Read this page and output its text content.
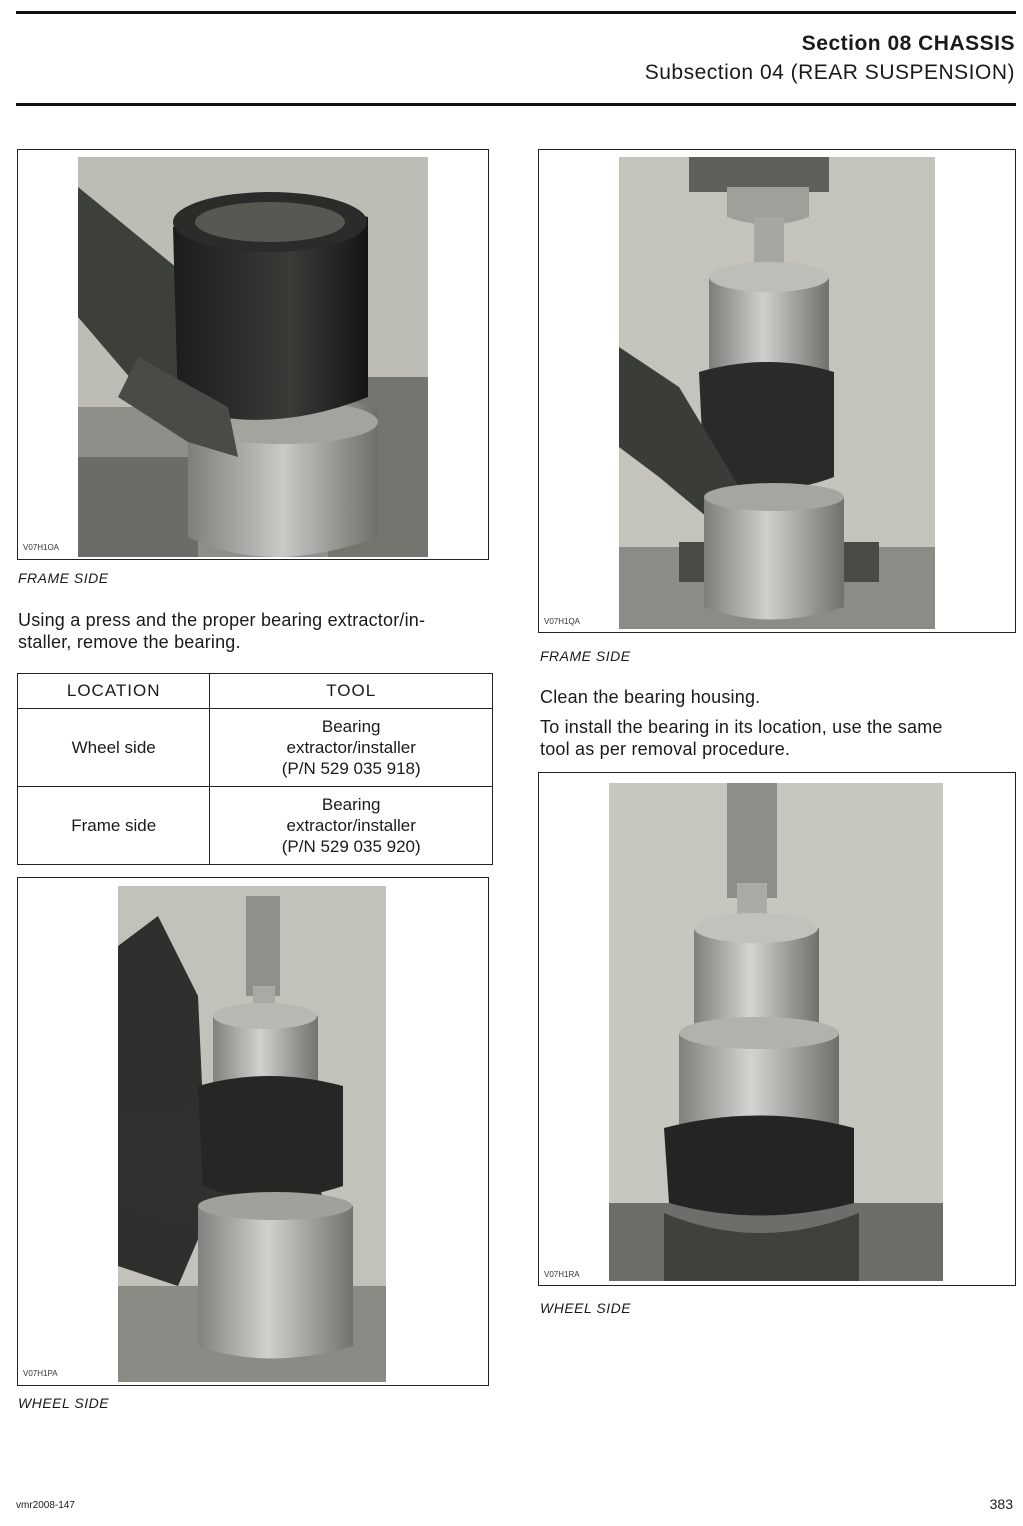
Section 08 CHASSIS
Subsection 04 (REAR SUSPENSION)
V07H1OA
FRAME SIDE
Using a press and the proper bearing extractor/in-
staller, remove the bearing.
LOCATION	TOOL
Wheel side	Bearing
extractor/installer
(P/N 529 035 918)

Frame side	Bearing
extractor/installer
(P/N 529 035 920)
V07H1PA
WHEEL SIDE
V07H1QA
FRAME SIDE
Clean the bearing housing.
To install the bearing in its location, use the same
tool as per removal procedure.
V07H1RA
WHEEL SIDE
vmr2008-147	383
